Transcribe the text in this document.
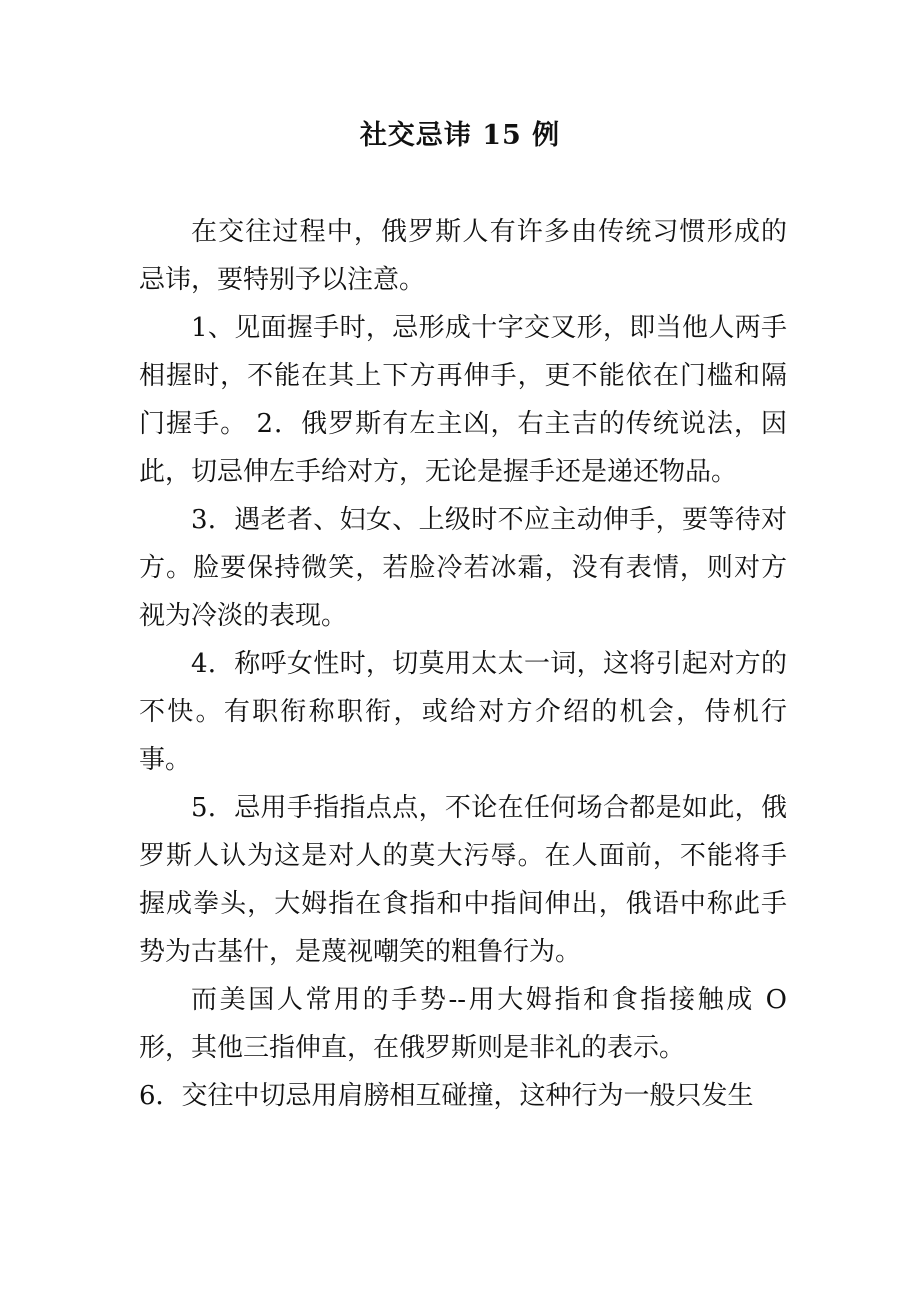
社交忌讳 15 例

在交往过程中，俄罗斯人有许多由传统习惯形成的忌讳，要特别予以注意。

1、见面握手时，忌形成十字交叉形，即当他人两手相握时，不能在其上下方再伸手，更不能依在门槛和隔门握手。 2．俄罗斯有左主凶，右主吉的传统说法，因此，切忌伸左手给对方，无论是握手还是递还物品。

3．遇老者、妇女、上级时不应主动伸手，要等待对方。脸要保持微笑，若脸冷若冰霜，没有表情，则对方视为冷淡的表现。

4．称呼女性时，切莫用太太一词，这将引起对方的不快。有职衔称职衔，或给对方介绍的机会，侍机行事。

5．忌用手指指点点，不论在任何场合都是如此，俄罗斯人认为这是对人的莫大污辱。在人面前，不能将手握成拳头，大姆指在食指和中指间伸出，俄语中称此手势为古基什，是蔑视嘲笑的粗鲁行为。

而美国人常用的手势--用大姆指和食指接触成 O 形，其他三指伸直，在俄罗斯则是非礼的表示。

6．交往中切忌用肩膀相互碰撞，这种行为一般只发生
